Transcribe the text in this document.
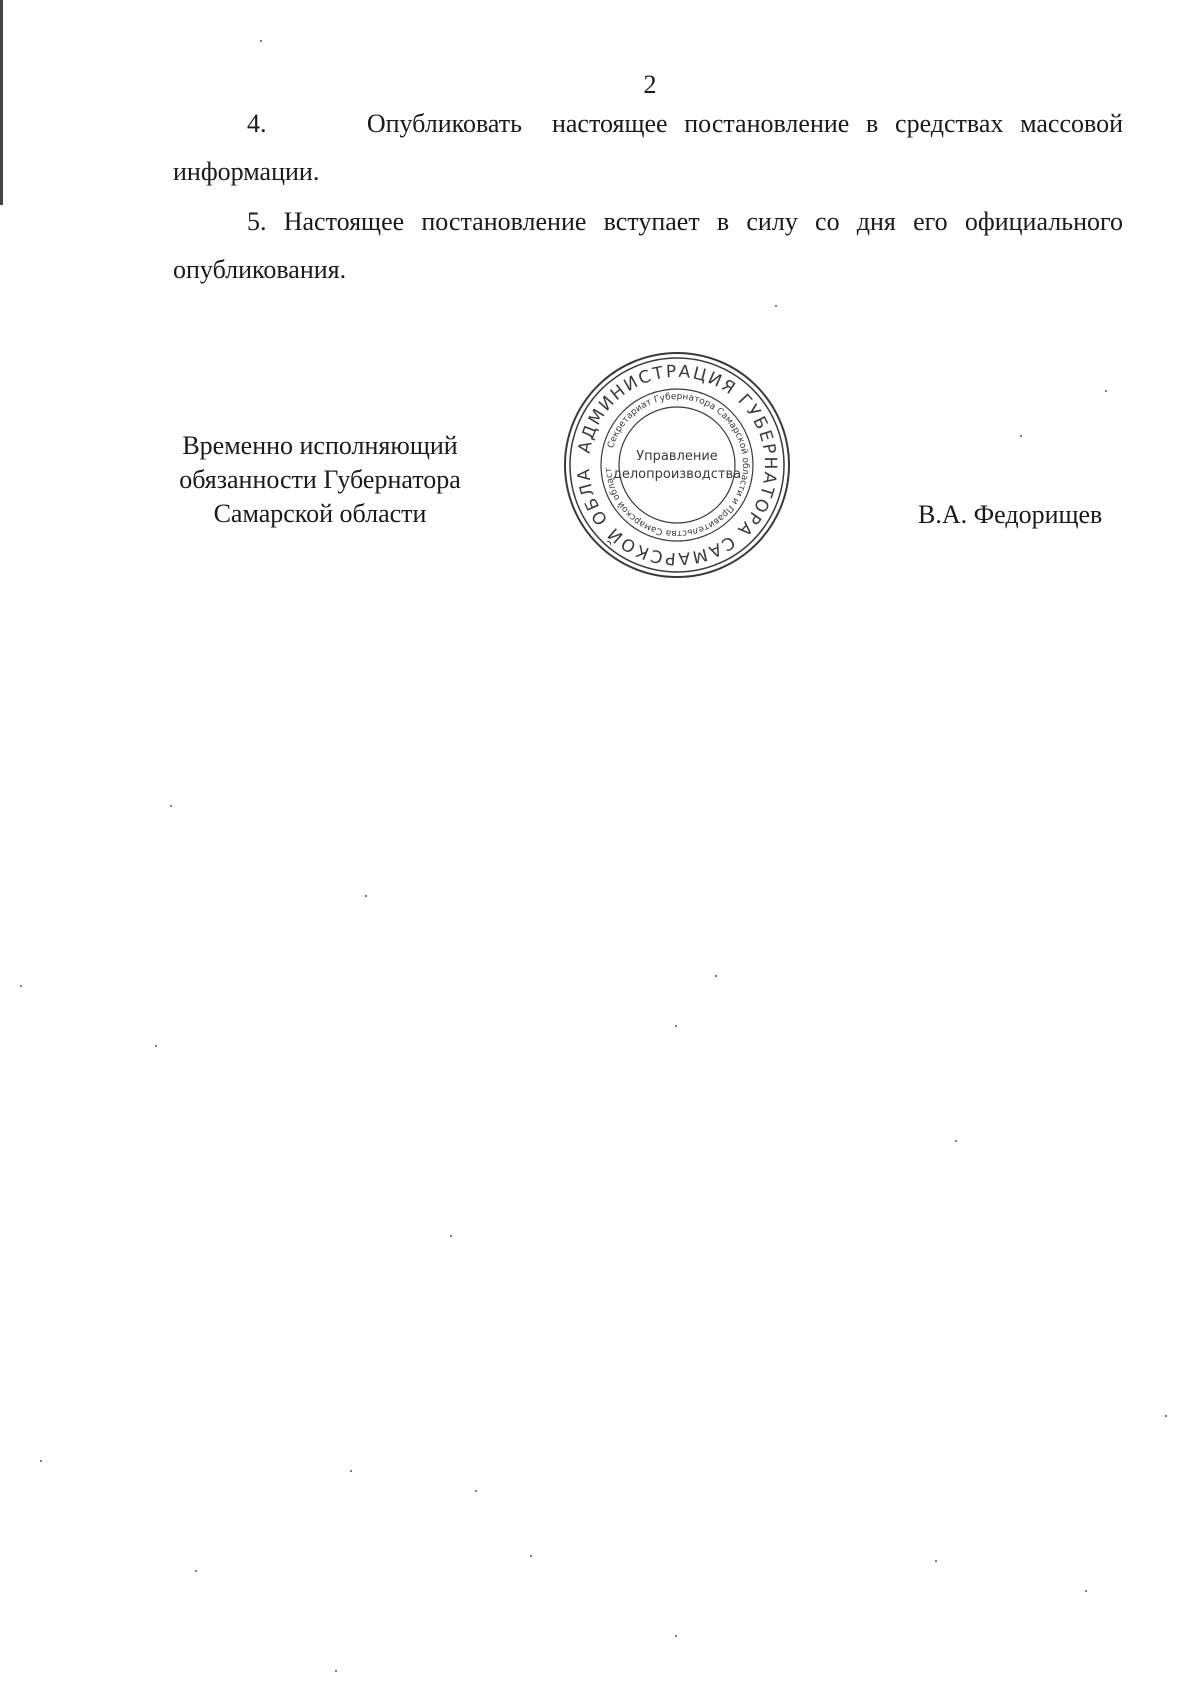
2
4.	Опубликовать настоящее постановление в средствах массовой информации.
5. Настоящее постановление вступает в силу со дня его официального опубликования.
Временно исполняющий
обязанности Губернатора
Самарской области
АДМИНИСТРАЦИЯ ГУБЕРНАТОРА САМАРСКОЙ ОБЛА
Секретариат Губернатора Самарской области и Правительства Самарской област
Управление
делопроизводства
В.А. Федорищев
